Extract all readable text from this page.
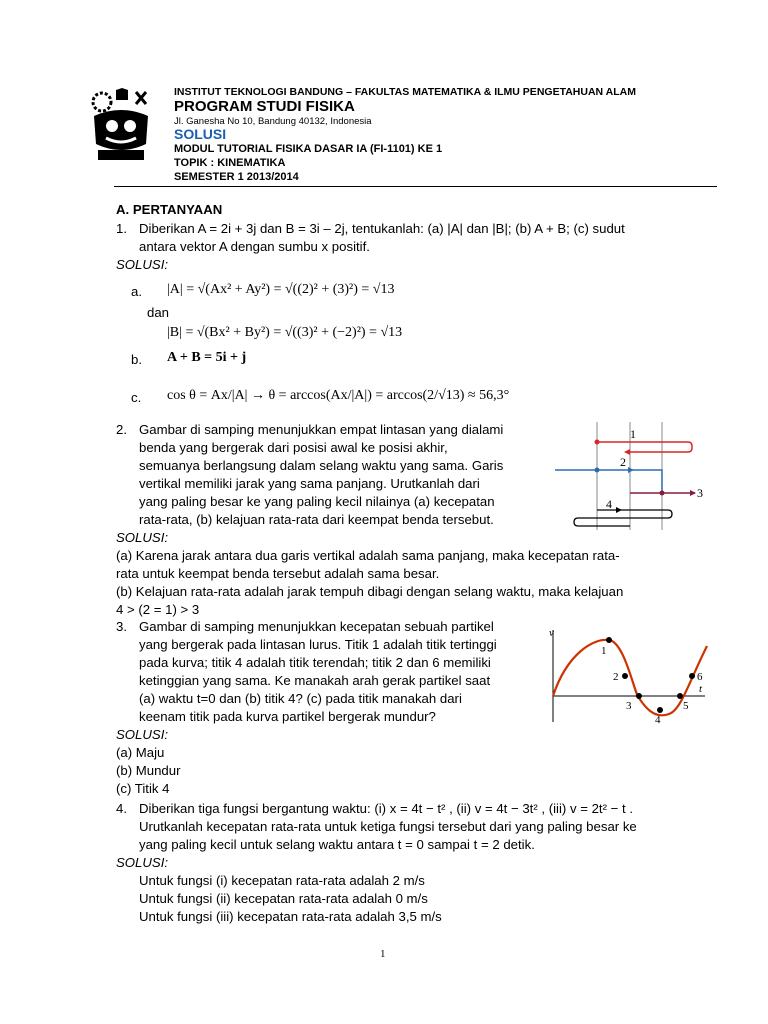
INSTITUT TEKNOLOGI BANDUNG – FAKULTAS MATEMATIKA & ILMU PENGETAHUAN ALAM
PROGRAM STUDI FISIKA
Jl. Ganesha No 10, Bandung 40132, Indonesia
SOLUSI
MODUL TUTORIAL FISIKA DASAR IA (FI-1101) KE 1
TOPIK : KINEMATIKA
SEMESTER 1 2013/2014
A. PERTANYAAN
1. Diberikan A = 2i + 3j dan B = 3i – 2j, tentukanlah: (a) |A| dan |B|; (b) A + B; (c) sudut
antara vektor A dengan sumbu x positif.
SOLUSI:
a. |A| = √(Ax² + Ay²) = √((2)² + (3)²) = √13
dan
|B| = √(Bx² + By²) = √((3)² + (−2)²) = √13
b. A + B = 5i + j
c. cos θ = Ax/|A| → θ = arccos(Ax/|A|) = arccos(2/√13) ≈ 56,3°
2. Gambar di samping menunjukkan empat lintasan yang dialami
benda yang bergerak dari posisi awal ke posisi akhir,
semuanya berlangsung dalam selang waktu yang sama. Garis
vertikal memiliki jarak yang sama panjang. Urutkanlah dari
yang paling besar ke yang paling kecil nilainya (a) kecepatan
rata-rata, (b) kelajuan rata-rata dari keempat benda tersebut.
SOLUSI:
(a) Karena jarak antara dua garis vertikal adalah sama panjang, maka kecepatan rata-
rata untuk keempat benda tersebut adalah sama besar.
(b) Kelajuan rata-rata adalah jarak tempuh dibagi dengan selang waktu, maka kelajuan
4 > (2 = 1) > 3
1
2
3
4
3. Gambar di samping menunjukkan kecepatan sebuah partikel
yang bergerak pada lintasan lurus. Titik 1 adalah titik tertinggi
pada kurva; titik 4 adalah titik terendah; titik 2 dan 6 memiliki
ketinggian yang sama. Ke manakah arah gerak partikel saat
(a) waktu t=0 dan (b) titik 4? (c) pada titik manakah dari
keenam titik pada kurva partikel bergerak mundur?
SOLUSI:
(a) Maju
(b) Mundur
(c) Titik 4
v
t
1
2
3
4
5
6
4. Diberikan tiga fungsi bergantung waktu: (i) x = 4t − t² , (ii) v = 4t − 3t² , (iii) v = 2t² − t .
Urutkanlah kecepatan rata-rata untuk ketiga fungsi tersebut dari yang paling besar ke
yang paling kecil untuk selang waktu antara t = 0 sampai t = 2 detik.
SOLUSI:
Untuk fungsi (i) kecepatan rata-rata adalah 2 m/s
Untuk fungsi (ii) kecepatan rata-rata adalah 0 m/s
Untuk fungsi (iii) kecepatan rata-rata adalah 3,5 m/s
1
